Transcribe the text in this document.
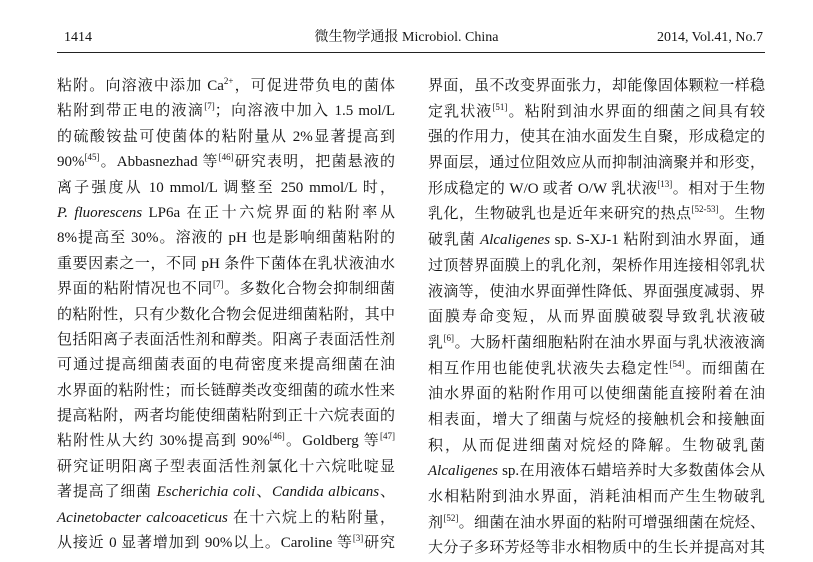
1414	微生物学通报 Microbiol. China	2014, Vol.41, No.7
粘附。向溶液中添加 $Ca^{2+}$，可促进带负电的菌体
粘附到带正电的液滴[7]；向溶液中加入 1.5 mol/L
的硫酸铵盐可使菌体的粘附量从 2%显著提高到
90%[45]。Abbasnezhad 等[46]研究表明，把菌悬液的
离子强度从 10 mmol/L 调整至 250 mmol/L 时，
P. fluorescens LP6a 在正十六烷界面的粘附率从
8%提高至 30%。溶液的 pH 也是影响细菌粘附的
重要因素之一，不同 pH 条件下菌体在乳状液油水
界面的粘附情况也不同[7]。多数化合物会抑制细菌
的粘附性，只有少数化合物会促进细菌粘附，其中
包括阳离子表面活性剂和醇类。阳离子表面活性剂
可通过提高细菌表面的电荷密度来提高细菌在油
水界面的粘附性；而长链醇类改变细菌的疏水性来
提高粘附，两者均能使细菌粘附到正十六烷表面的
粘附性从大约 30%提高到 90%[46]。Goldberg 等[47]
研究证明阳离子型表面活性剂氯化十六烷吡啶显
著提高了细菌 Escherichia coli、Candida albicans、
Acinetobacter calcoaceticus 在十六烷上的粘附量，
从接近 0 显著增加到 90%以上。Caroline 等[3]研究
界面，虽不改变界面张力，却能像固体颗粒一样稳
定乳状液[51]。粘附到油水界面的细菌之间具有较
强的作用力，使其在油水面发生自聚，形成稳定的
界面层，通过位阻效应从而抑制油滴聚并和形变，
形成稳定的 W/O 或者 O/W 乳状液[13]。相对于生物
乳化，生物破乳也是近年来研究的热点[52-53]。生物
破乳菌 Alcaligenes sp. S-XJ-1 粘附到油水界面，通
过顶替界面膜上的乳化剂，架桥作用连接相邻乳状
液滴等，使油水界面弹性降低、界面强度减弱、界
面膜寿命变短，从而界面膜破裂导致乳状液破
乳[6]。大肠杆菌细胞粘附在油水界面与乳状液液滴
相互作用也能使乳状液失去稳定性[54]。而细菌在
油水界面的粘附作用可以使细菌能直接附着在油
相表面，增大了细菌与烷烃的接触机会和接触面
积，从而促进细菌对烷烃的降解。生物破乳菌
Alcaligenes sp.在用液体石蜡培养时大多数菌体会从
水相粘附到油水界面，消耗油相而产生生物破乳
剂[52]。细菌在油水界面的粘附可增强细菌在烷烃、
大分子多环芳烃等非水相物质中的生长并提高对其
